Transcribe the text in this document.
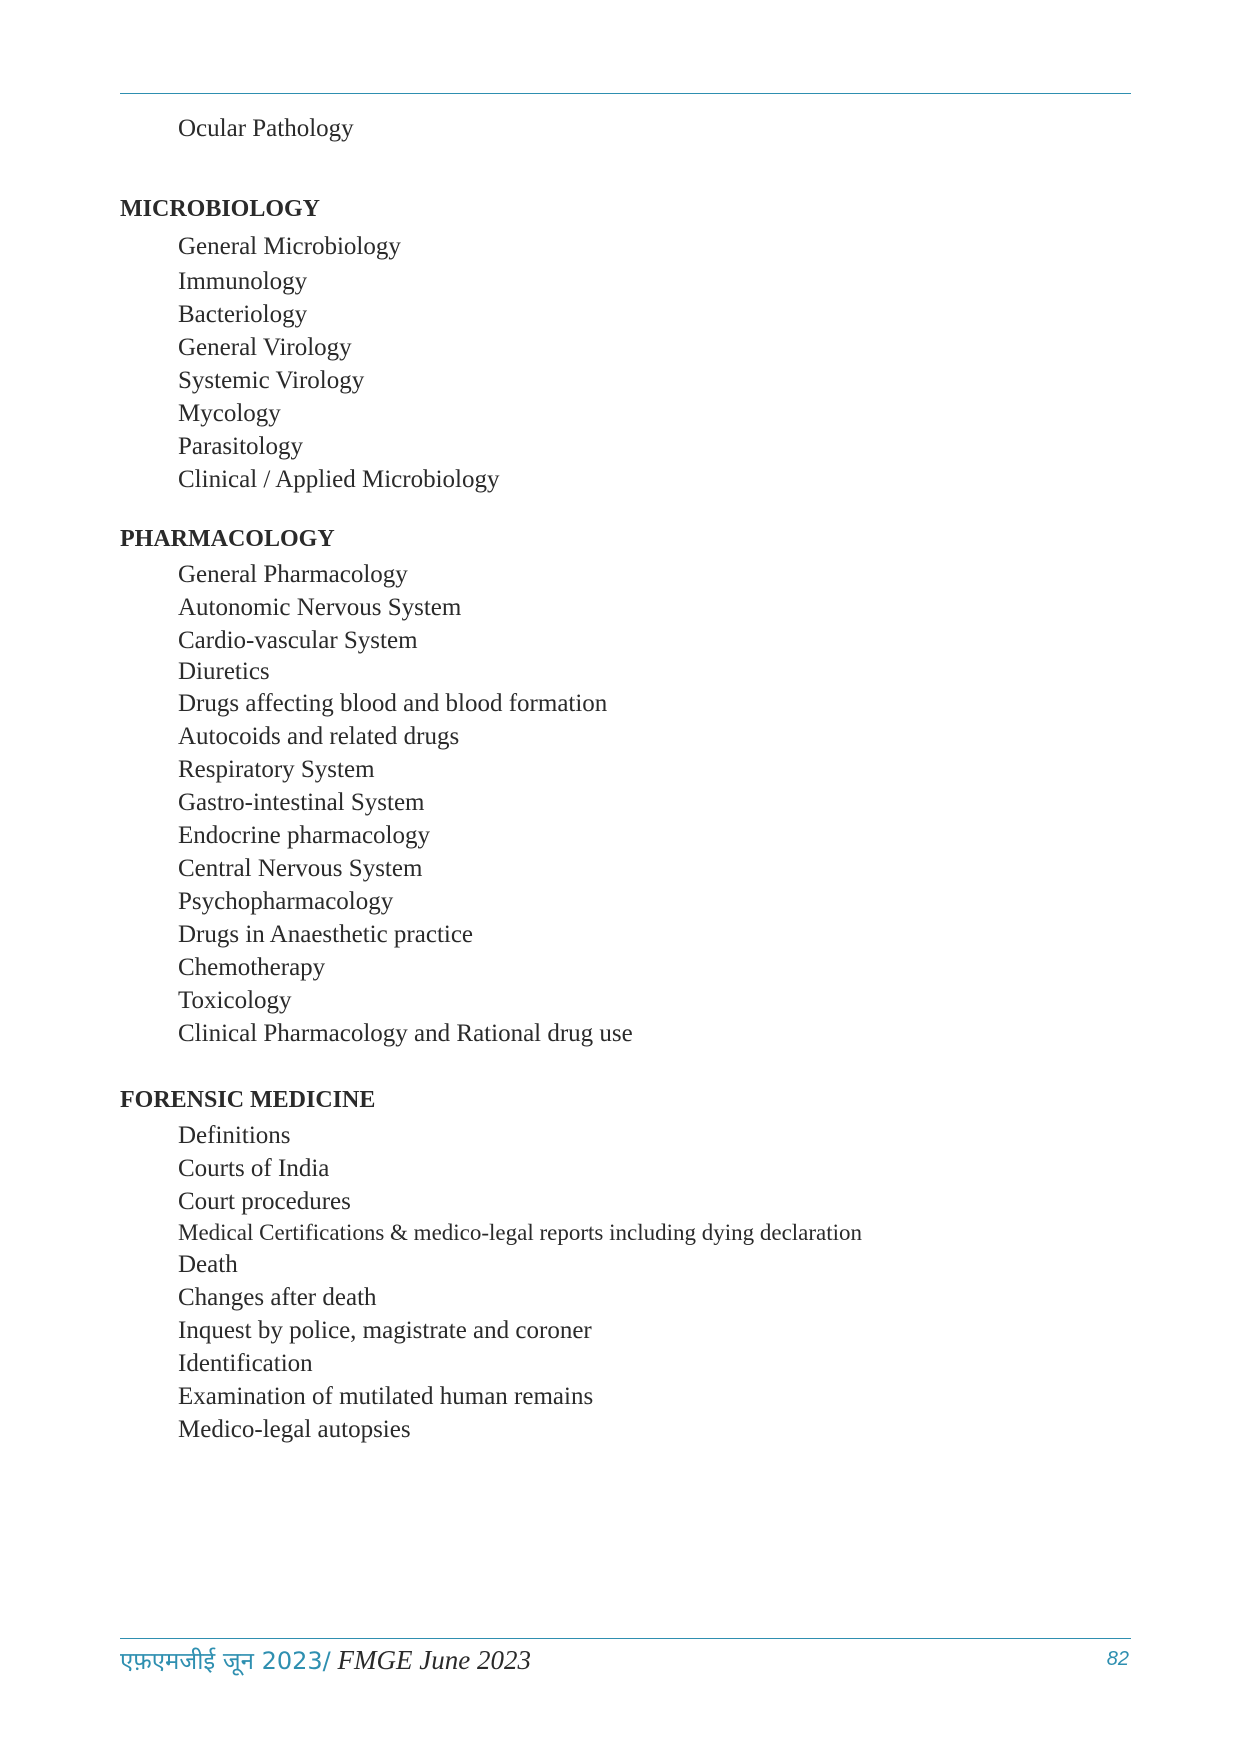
Ocular Pathology
MICROBIOLOGY
General Microbiology
Immunology
Bacteriology
General Virology
Systemic Virology
Mycology
Parasitology
Clinical / Applied Microbiology
PHARMACOLOGY
General Pharmacology
Autonomic Nervous System
Cardio-vascular System
Diuretics
Drugs affecting blood and blood formation
Autocoids and related drugs
Respiratory System
Gastro-intestinal System
Endocrine pharmacology
Central Nervous System
Psychopharmacology
Drugs in Anaesthetic practice
Chemotherapy
Toxicology
Clinical Pharmacology and Rational drug use
FORENSIC MEDICINE
Definitions
Courts of India
Court procedures
Medical Certifications & medico-legal reports including dying declaration
Death
Changes after death
Inquest by police, magistrate and coroner
Identification
Examination of mutilated human remains
Medico-legal autopsies
एफ़एमजीई जून 2023/ FMGE June 2023	82
